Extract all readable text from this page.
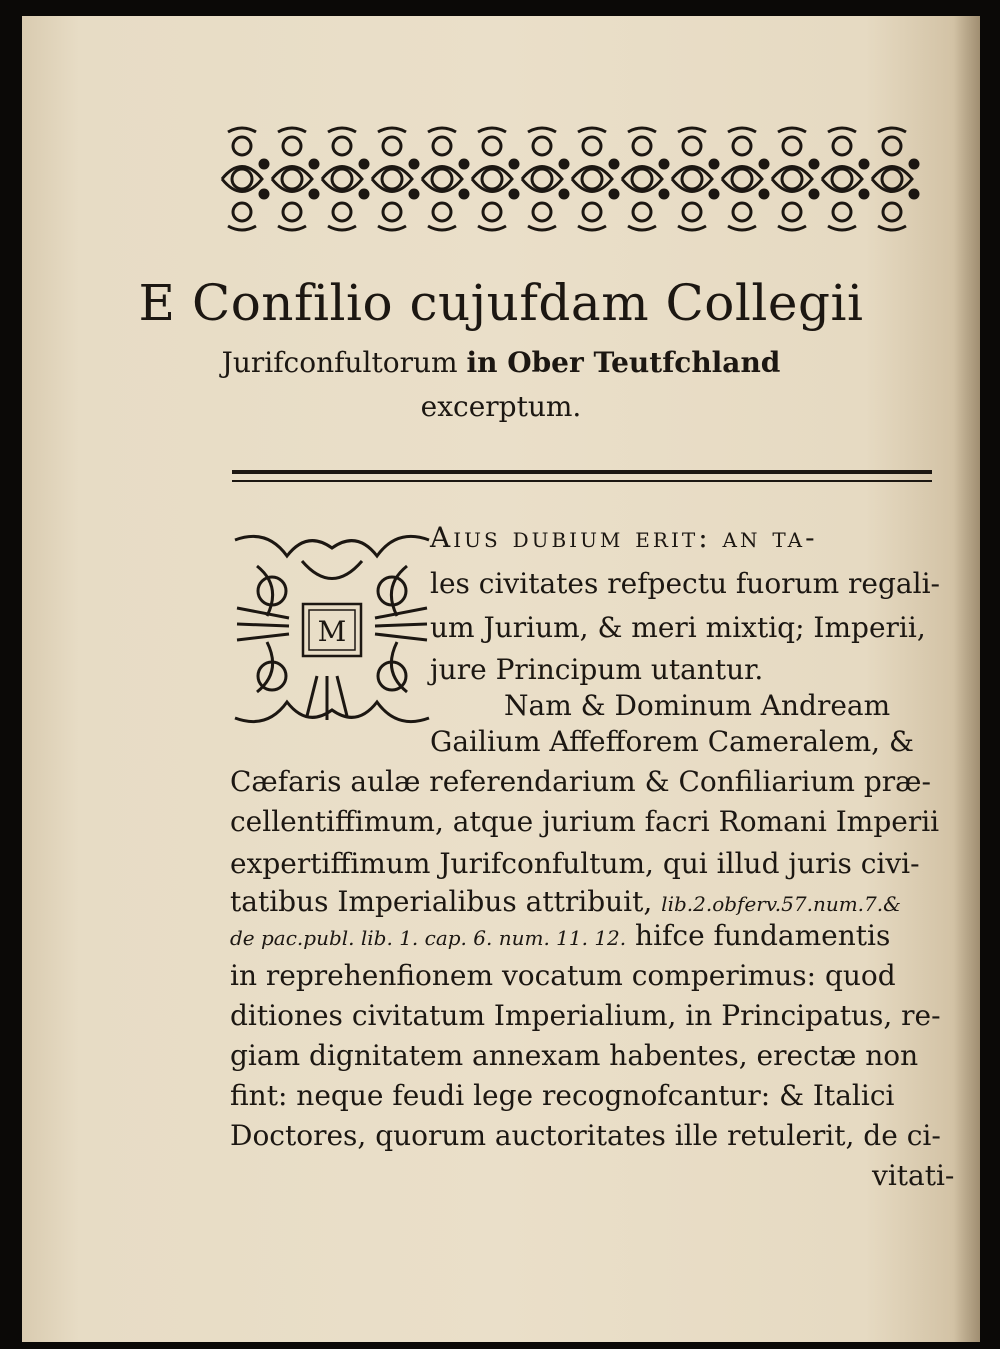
E Confilio cujufdam Collegii
Jurifconfultorum in Ober Teutfchland
excerptum.
M
Aius dubium erit: an ta-
les civitates refpectu fuorum regali-
um Jurium, & meri mixtiq; Imperii,
jure Principum utantur.
Nam & Dominum Andream
Gailium Affefforem Cameralem, &
Cæfaris aulæ referendarium & Confiliarium præ-
cellentiffimum, atque jurium facri Romani Imperii
expertiffimum Jurifconfultum, qui illud juris civi-
tatibus Imperialibus attribuit, lib.2.obferv.57.num.7.&
de pac.publ. lib. 1. cap. 6. num. 11. 12. hifce fundamentis
in reprehenfionem vocatum comperimus: quod
ditiones civitatum Imperialium, in Principatus, re-
giam dignitatem annexam habentes, erectæ non
fint: neque feudi lege recognofcantur: & Italici
Doctores, quorum auctoritates ille retulerit, de ci-
vitati-
